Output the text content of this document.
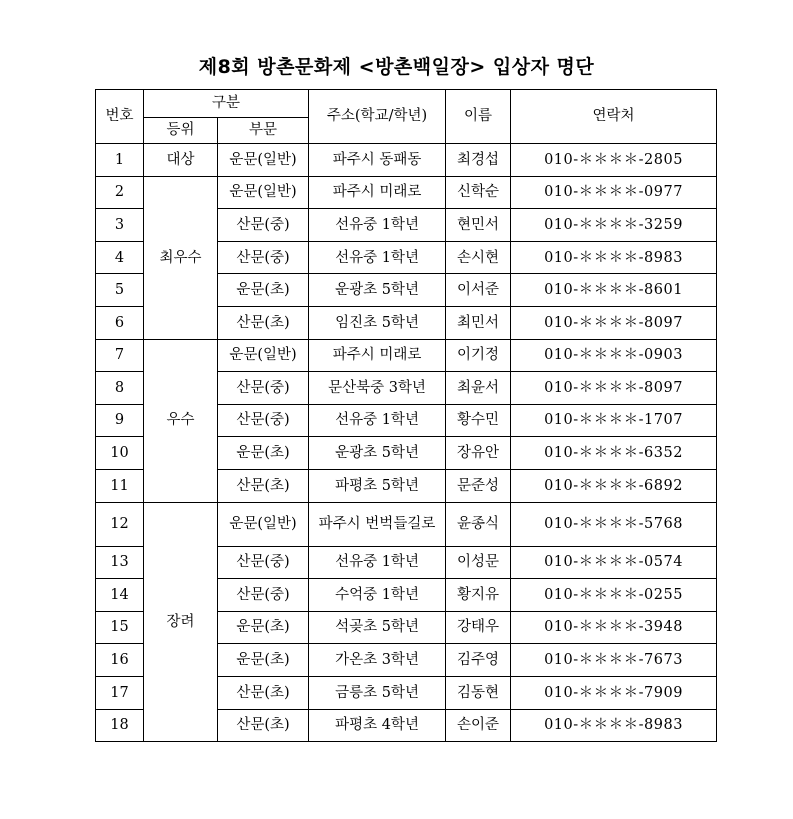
제8회 방촌문화제 <방촌백일장> 입상자 명단
번호	구분		주소(학교/학년)	이름	연락처
	등위	부문			
1	대상	운문(일반)	파주시 동패동	최경섭	010-＊＊＊＊-2805
2	최우수	운문(일반)	파주시 미래로	신학순	010-＊＊＊＊-0977
3		산문(중)	선유중 1학년	현민서	010-＊＊＊＊-3259
4		산문(중)	선유중 1학년	손시현	010-＊＊＊＊-8983
5		운문(초)	운광초 5학년	이서준	010-＊＊＊＊-8601
6		산문(초)	임진초 5학년	최민서	010-＊＊＊＊-8097
7	우수	운문(일반)	파주시 미래로	이기정	010-＊＊＊＊-0903
8		산문(중)	문산북중 3학년	최윤서	010-＊＊＊＊-8097
9		산문(중)	선유중 1학년	황수민	010-＊＊＊＊-1707
10		운문(초)	운광초 5학년	장유안	010-＊＊＊＊-6352
11		산문(초)	파평초 5학년	문준성	010-＊＊＊＊-6892
12	장려	운문(일반)	파주시 번벅들길로	윤종식	010-＊＊＊＊-5768
13		산문(중)	선유중 1학년	이성문	010-＊＊＊＊-0574
14		산문(중)	수억중 1학년	황지유	010-＊＊＊＊-0255
15		운문(초)	석곶초 5학년	강태우	010-＊＊＊＊-3948
16		운문(초)	가온초 3학년	김주영	010-＊＊＊＊-7673
17		산문(초)	금릉초 5학년	김동현	010-＊＊＊＊-7909
18		산문(초)	파평초 4학년	손이준	010-＊＊＊＊-8983
